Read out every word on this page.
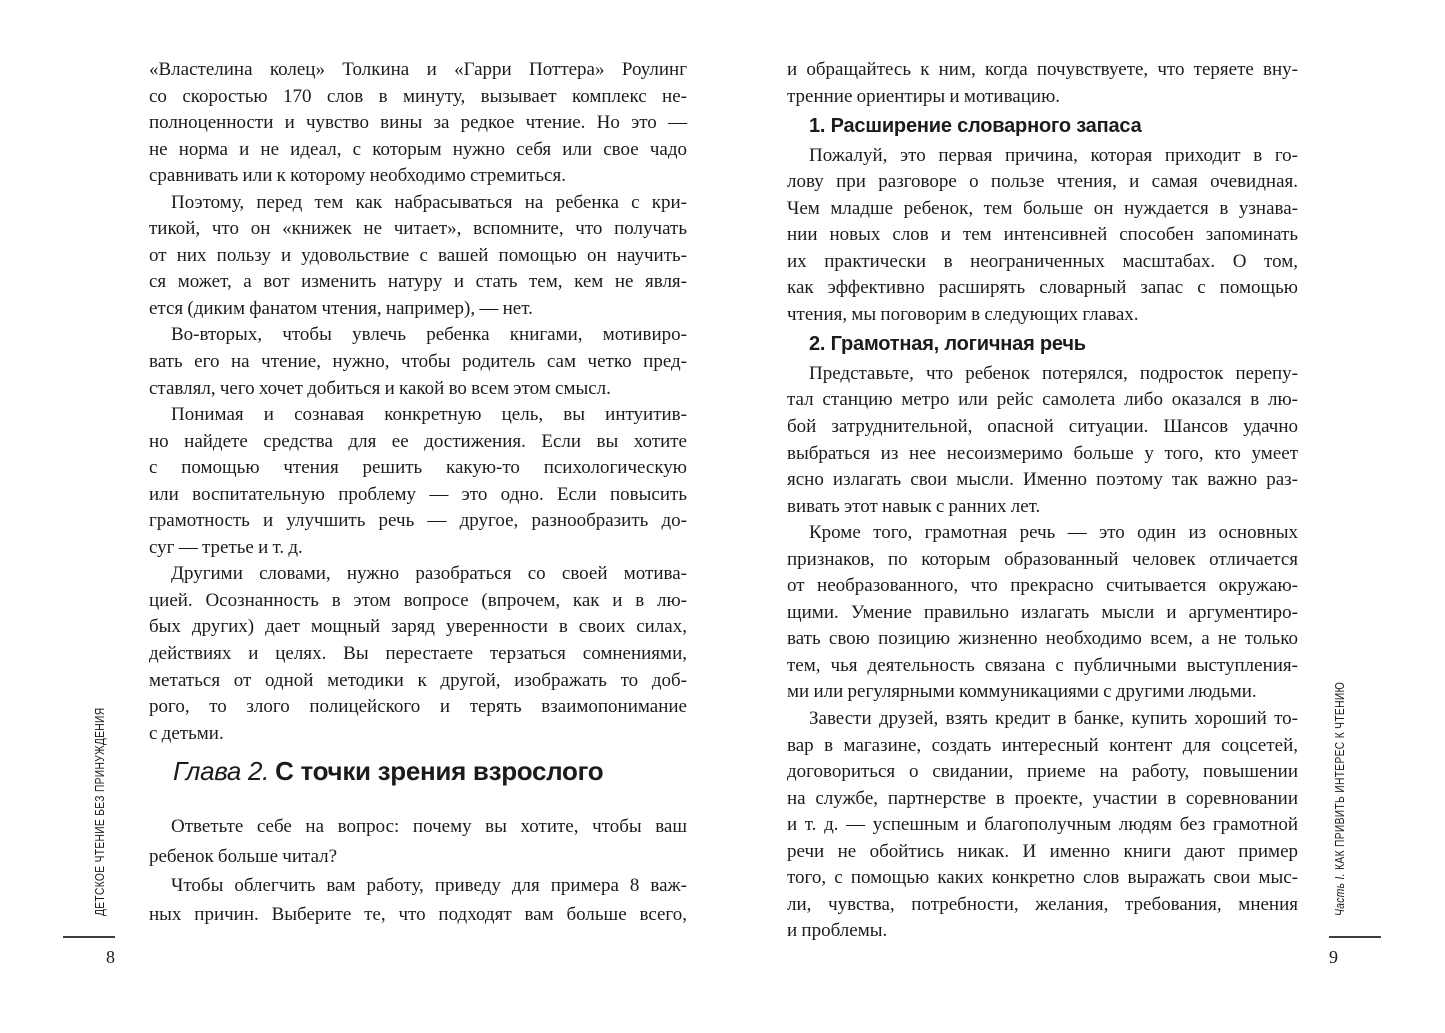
«Властелина колец» Толкина и «Гарри Поттера» Роулинг
со скоростью 170 слов в минуту, вызывает комплекс не-
полноценности и чувство вины за редкое чтение. Но это —
не норма и не идеал, с которым нужно себя или свое чадо
сравнивать или к которому необходимо стремиться.
Поэтому, перед тем как набрасываться на ребенка с кри-
тикой, что он «книжек не читает», вспомните, что получать
от них пользу и удовольствие с вашей помощью он научить-
ся может, а вот изменить натуру и стать тем, кем не явля-
ется (диким фанатом чтения, например), — нет.
Во-вторых, чтобы увлечь ребенка книгами, мотивиро-
вать его на чтение, нужно, чтобы родитель сам четко пред-
ставлял, чего хочет добиться и какой во всем этом смысл.
Понимая и сознавая конкретную цель, вы интуитив-
но найдете средства для ее достижения. Если вы хотите
с помощью чтения решить какую-то психологическую
или воспитательную проблему — это одно. Если повысить
грамотность и улучшить речь — другое, разнообразить до-
суг — третье и т. д.
Другими словами, нужно разобраться со своей мотива-
цией. Осознанность в этом вопросе (впрочем, как и в лю-
бых других) дает мощный заряд уверенности в своих силах,
действиях и целях. Вы перестаете терзаться сомнениями,
метаться от одной методики к другой, изображать то доб-
рого, то злого полицейского и терять взаимопонимание
с детьми.
Глава 2. С точки зрения взрослого
Ответьте себе на вопрос: почему вы хотите, чтобы ваш
ребенок больше читал?
Чтобы облегчить вам работу, приведу для примера 8 важ-
ных причин. Выберите те, что подходят вам больше всего,
и обращайтесь к ним, когда почувствуете, что теряете вну-
тренние ориентиры и мотивацию.
1. Расширение словарного запаса
Пожалуй, это первая причина, которая приходит в го-
лову при разговоре о пользе чтения, и самая очевидная.
Чем младше ребенок, тем больше он нуждается в узнава-
нии новых слов и тем интенсивней способен запоминать
их практически в неограниченных масштабах. О том,
как эффективно расширять словарный запас с помощью
чтения, мы поговорим в следующих главах.
2. Грамотная, логичная речь
Представьте, что ребенок потерялся, подросток перепу-
тал станцию метро или рейс самолета либо оказался в лю-
бой затруднительной, опасной ситуации. Шансов удачно
выбраться из нее несоизмеримо больше у того, кто умеет
ясно излагать свои мысли. Именно поэтому так важно раз-
вивать этот навык с ранних лет.
Кроме того, грамотная речь — это один из основных
признаков, по которым образованный человек отличается
от необразованного, что прекрасно считывается окружаю-
щими. Умение правильно излагать мысли и аргументиро-
вать свою позицию жизненно необходимо всем, а не только
тем, чья деятельность связана с публичными выступления-
ми или регулярными коммуникациями с другими людьми.
Завести друзей, взять кредит в банке, купить хороший то-
вар в магазине, создать интересный контент для соцсетей,
договориться о свидании, приеме на работу, повышении
на службе, партнерстве в проекте, участии в соревновании
и т. д. — успешным и благополучным людям без грамотной
речи не обойтись никак. И именно книги дают пример
того, с помощью каких конкретно слов выражать свои мыс-
ли, чувства, потребности, желания, требования, мнения
и проблемы.
ДЕТСКОЕ ЧТЕНИЕ БЕЗ ПРИНУЖДЕНИЯ	Часть I.КАК ПРИВИТЬ ИНТЕРЕС К ЧТЕНИЮ
8	9
